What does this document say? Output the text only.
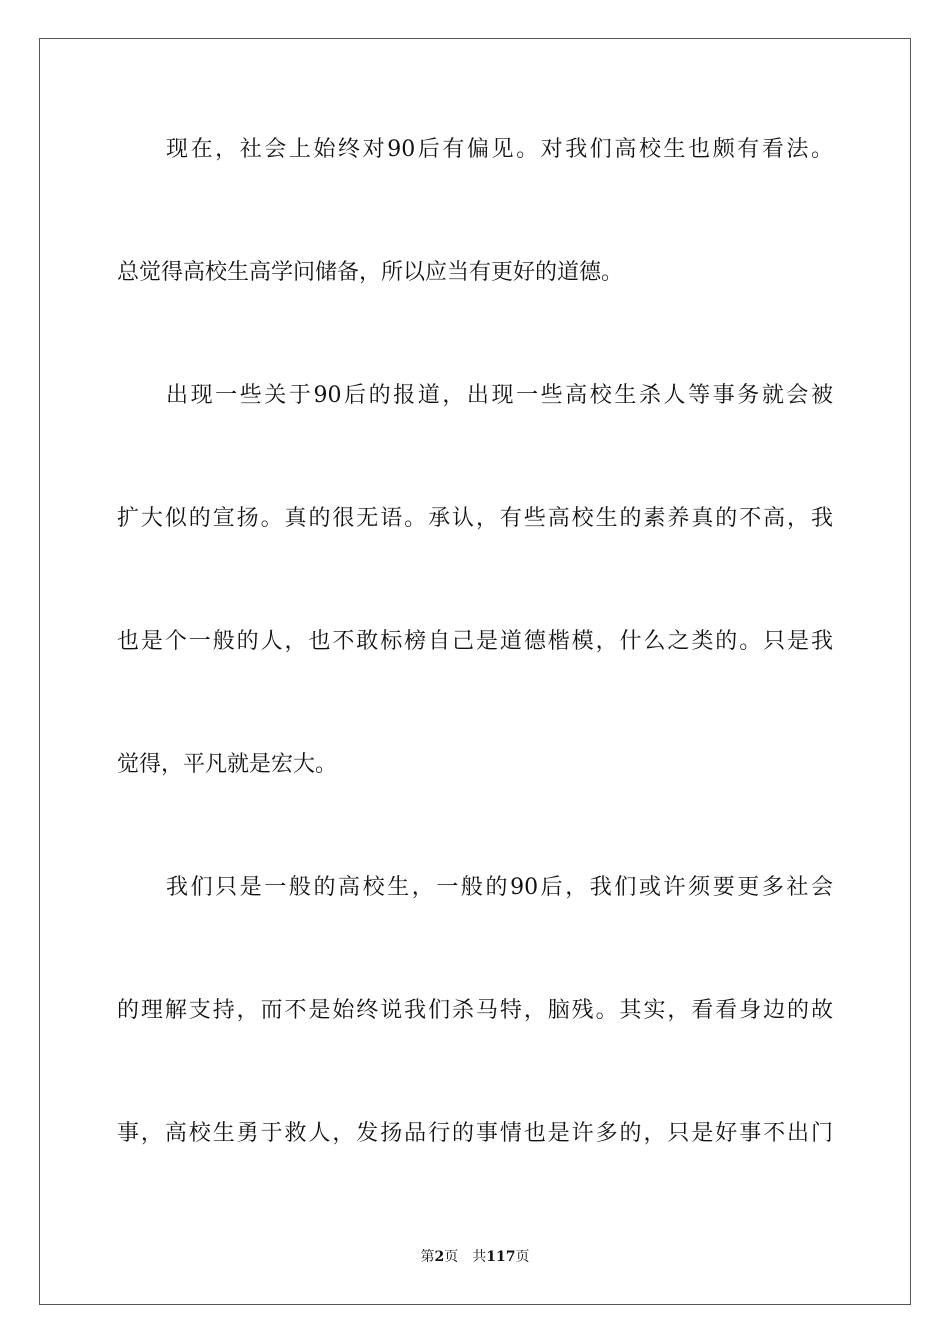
现在，社会上始终对90后有偏见。对我们高校生也颇有看法。

总觉得高校生高学问储备，所以应当有更好的道德。

出现一些关于90后的报道，出现一些高校生杀人等事务就会被

扩大似的宣扬。真的很无语。承认，有些高校生的素养真的不高，我

也是个一般的人，也不敢标榜自己是道德楷模，什么之类的。只是我

觉得，平凡就是宏大。

我们只是一般的高校生，一般的90后，我们或许须要更多社会

的理解支持，而不是始终说我们杀马特，脑残。其实，看看身边的故

事，高校生勇于救人，发扬品行的事情也是许多的，只是好事不出门

第2页 共117页
